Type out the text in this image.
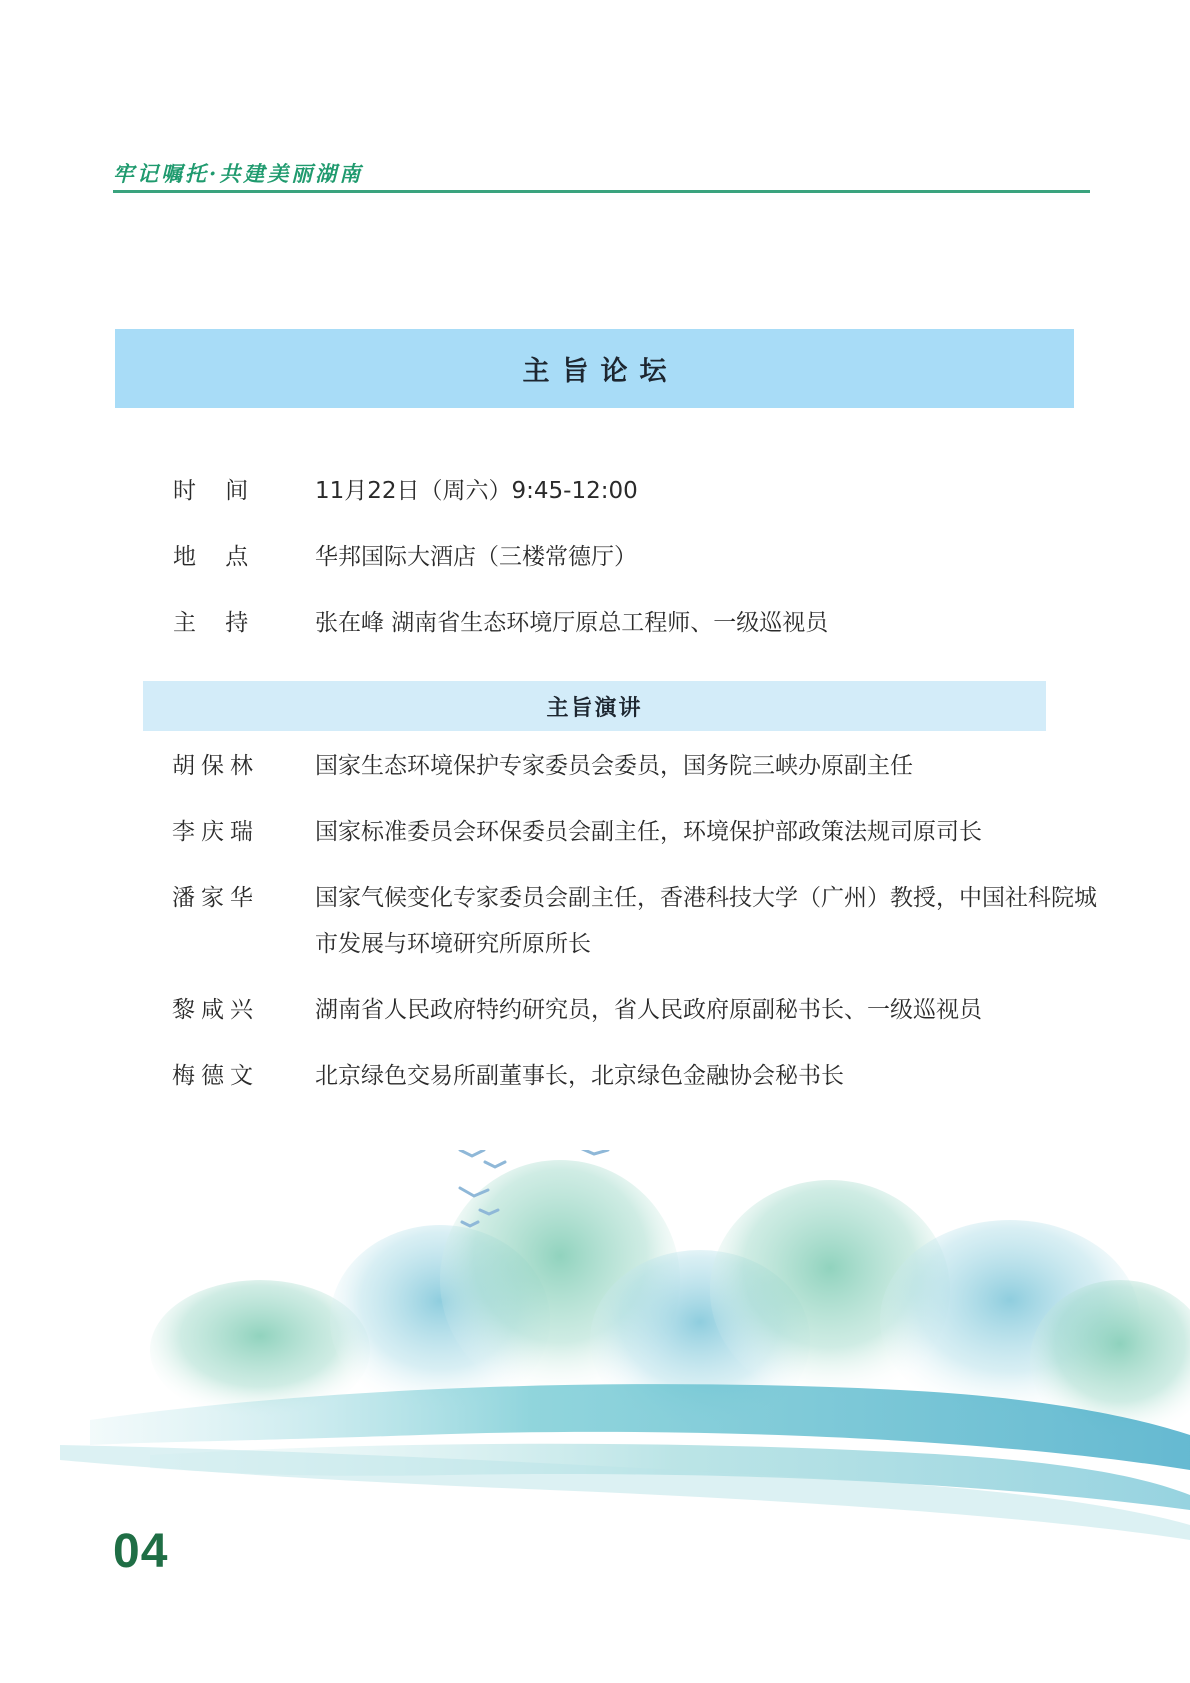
牢记嘱托·共建美丽湖南
主旨论坛
时    间	11月22日（周六）9:45-12:00
地    点	华邦国际大酒店（三楼常德厅）
主    持	张在峰 湖南省生态环境厅原总工程师、一级巡视员
主旨演讲
胡保林 国家生态环境保护专家委员会委员，国务院三峡办原副主任
李庆瑞 国家标准委员会环保委员会副主任，环境保护部政策法规司原司长
潘家华 国家气候变化专家委员会副主任，香港科技大学（广州）教授，中国社科院城市发展与环境研究所原所长
黎咸兴 湖南省人民政府特约研究员，省人民政府原副秘书长、一级巡视员
梅德文 北京绿色交易所副董事长，北京绿色金融协会秘书长
04
